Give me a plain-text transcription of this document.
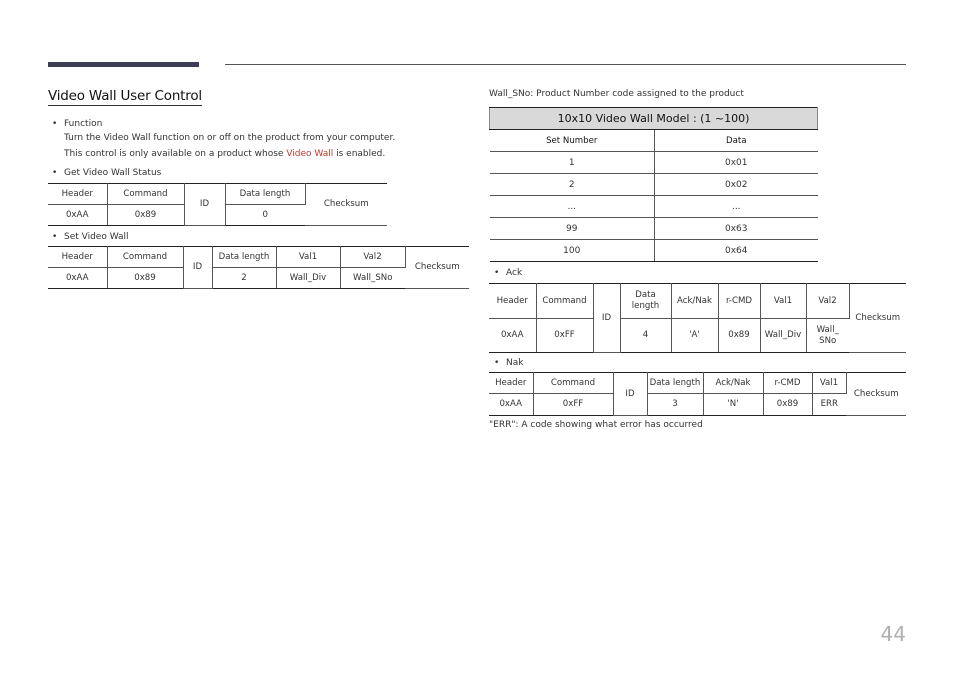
Video Wall User Control
• Function
Turn the Video Wall function on or off on the product from your computer.
This control is only available on a product whose Video Wall is enabled.
• Get Video Wall Status
Header	Command	ID	Data length	Checksum
0xAA	0x89		0	
• Set Video Wall
Header	Command	ID	Data length	Val1	Val2	Checksum
0xAA	0x89		2	Wall_Div	Wall_SNo	
Wall_SNo: Product Number code assigned to the product
10x10 Video Wall Model : (1 ~100)	
Set Number	Data
1	0x01
2	0x02
...	...
99	0x63
100	0x64
• Ack
Header	Command	ID	Data length	Ack/Nak	r-CMD	Val1	Val2	Checksum
0xAA	0xFF		4	'A'	0x89	Wall_Div	Wall_ SNo	
• Nak
Header	Command	ID	Data length	Ack/Nak	r-CMD	Val1	Checksum
0xAA	0xFF		3	'N'	0x89	ERR	
"ERR": A code showing what error has occurred
44
